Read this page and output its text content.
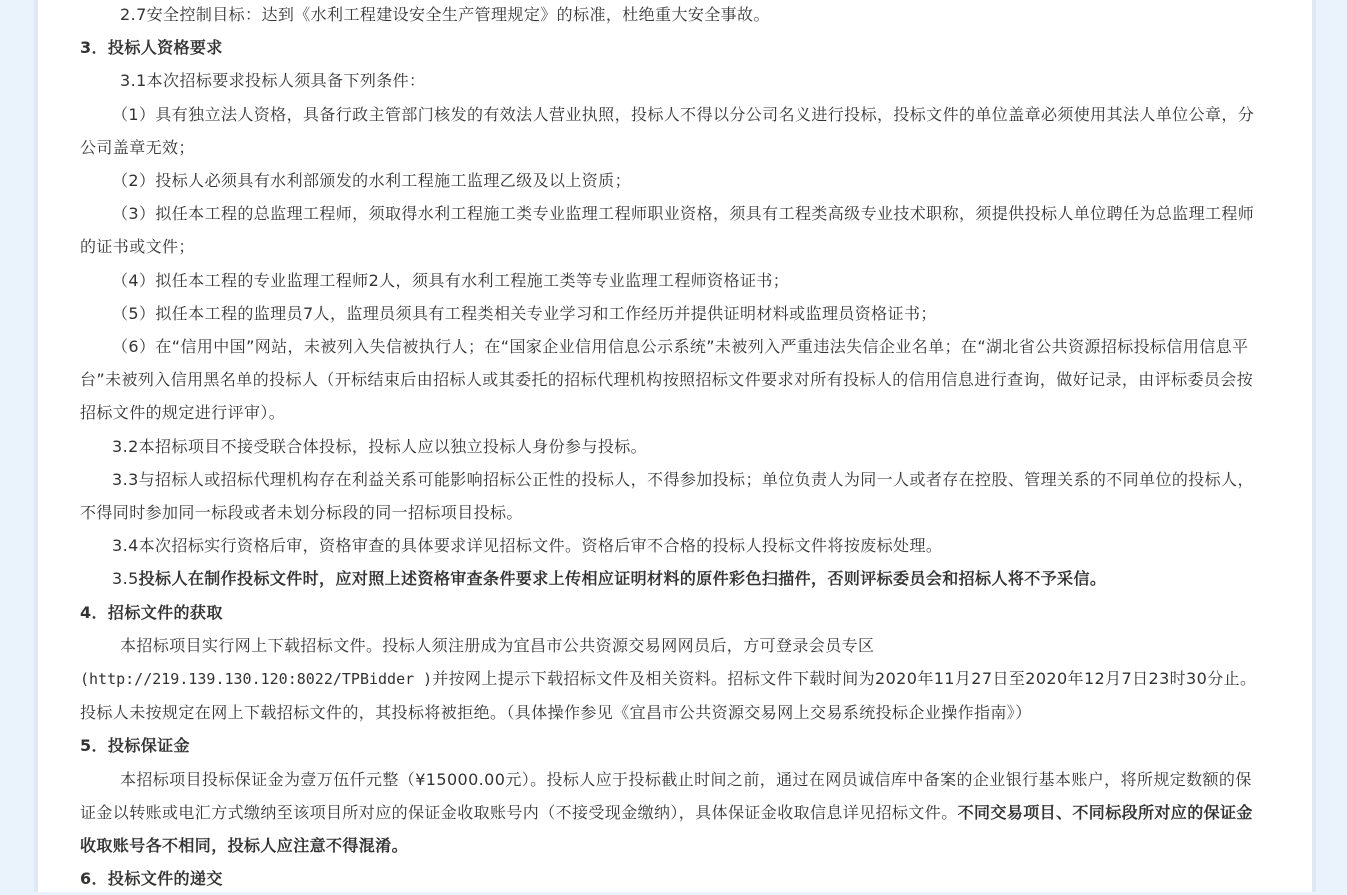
2.7安全控制目标：达到《水利工程建设安全生产管理规定》的标准，杜绝重大安全事故。

3．投标人资格要求

3.1本次招标要求投标人须具备下列条件：

（1）具有独立法人资格，具备行政主管部门核发的有效法人营业执照，投标人不得以分公司名义进行投标，投标文件的单位盖章必须使用其法人单位公章，分公司盖章无效；

（2）投标人必须具有水利部颁发的水利工程施工监理乙级及以上资质；

（3）拟任本工程的总监理工程师，须取得水利工程施工类专业监理工程师职业资格，须具有工程类高级专业技术职称，须提供投标人单位聘任为总监理工程师的证书或文件；

（4）拟任本工程的专业监理工程师2人，须具有水利工程施工类等专业监理工程师资格证书；

（5）拟任本工程的监理员7人，监理员须具有工程类相关专业学习和工作经历并提供证明材料或监理员资格证书；

（6）在“信用中国”网站，未被列入失信被执行人；在“国家企业信用信息公示系统”未被列入严重违法失信企业名单；在“湖北省公共资源招标投标信用信息平台”未被列入信用黑名单的投标人（开标结束后由招标人或其委托的招标代理机构按照招标文件要求对所有投标人的信用信息进行查询，做好记录，由评标委员会按招标文件的规定进行评审）。

3.2本招标项目不接受联合体投标，投标人应以独立投标人身份参与投标。

3.3与招标人或招标代理机构存在利益关系可能影响招标公正性的投标人，不得参加投标；单位负责人为同一人或者存在控股、管理关系的不同单位的投标人，不得同时参加同一标段或者未划分标段的同一招标项目投标。

3.4本次招标实行资格后审，资格审查的具体要求详见招标文件。资格后审不合格的投标人投标文件将按废标处理。

3.5投标人在制作投标文件时，应对照上述资格审查条件要求上传相应证明材料的原件彩色扫描件，否则评标委员会和招标人将不予采信。

4．招标文件的获取

本招标项目实行网上下载招标文件。投标人须注册成为宜昌市公共资源交易网网员后，方可登录会员专区
(http://219.139.130.120:8022/TPBidder )并按网上提示下载招标文件及相关资料。招标文件下载时间为2020年11月27日至2020年12月7日23时30分止。投标人未按规定在网上下载招标文件的，其投标将被拒绝。（具体操作参见《宜昌市公共资源交易网上交易系统投标企业操作指南》）

5．投标保证金

本招标项目投标保证金为壹万伍仟元整（¥15000.00元）。投标人应于投标截止时间之前，通过在网员诚信库中备案的企业银行基本账户，将所规定数额的保证金以转账或电汇方式缴纳至该项目所对应的保证金收取账号内（不接受现金缴纳），具体保证金收取信息详见招标文件。不同交易项目、不同标段所对应的保证金收取账号各不相同，投标人应注意不得混淆。

6．投标文件的递交
